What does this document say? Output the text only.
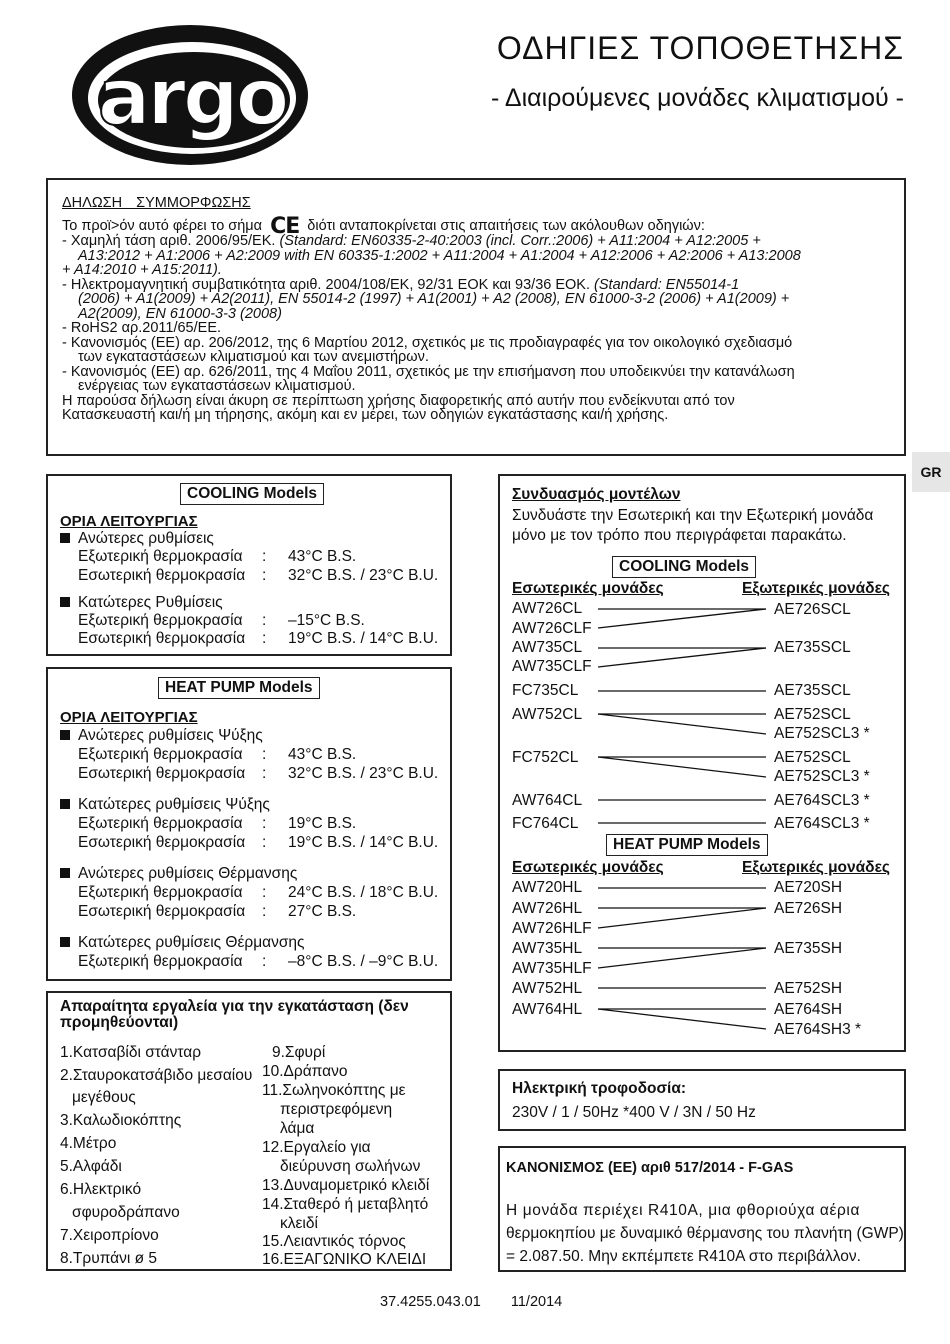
argo
ΟΔΗΓΙΕΣ ΤΟΠΟΘΕΤΗΣΗΣ
- Διαιρούμενες μονάδες κλιματισμού -
ΔΗΛΩΣΗ ΣΥΜΜΟΡΦΩΣΗΣ
Το προϊ>όν αυτό φέρει το σήμα CE διότι ανταποκρίνεται στις απαιτήσεις των ακόλουθων οδηγιών:
- Χαμηλή τάση αριθ. 2006/95/ΕΚ. (Standard: EN60335-2-40:2003 (incl. Corr.:2006) + A11:2004 + A12:2005 +
A13:2012 + A1:2006 + A2:2009 with EN 60335-1:2002 + A11:2004 + A1:2004 + A12:2006 + A2:2006 + A13:2008
+ A14:2010 + A15:2011).
- Ηλεκτρομαγνητική συμβατικότητα αριθ. 2004/108/ΕΚ, 92/31 ΕΟΚ και 93/36 ΕΟΚ. (Standard: EN55014-1
(2006) + A1(2009) + A2(2011), EN 55014-2 (1997) + A1(2001) + A2 (2008), EN 61000-3-2 (2006) + A1(2009) +
A2(2009), EN 61000-3-3 (2008)
- RoHS2 αρ.2011/65/ΕΕ.
- Κανονισμός (ΕΕ) αρ. 206/2012, της 6 Μαρτίου 2012, σχετικός με τις προδιαγραφές για τον οικολογικό σχεδιασμό
των εγκαταστάσεων κλιματισμού και των ανεμιστήρων.
- Κανονισμός (ΕΕ) αρ. 626/2011, της 4 Μαΐου 2011, σχετικός με την επισήμανση που υποδεικνύει την κατανάλωση
ενέργειας των εγκαταστάσεων κλιματισμού.
Η παρούσα δήλωση είναι άκυρη σε περίπτωση χρήσης διαφορετικής από αυτήν που ενδείκνυται από τον
Κατασκευαστή και/ή μη τήρησης, ακόμη και εν μέρει, των οδηγιών εγκατάστασης και/ή χρήσης.
GR
COOLING Models
ΟΡΙΑ ΛΕΙΤΟΥΡΓΙΑΣ
Ανώτερες ρυθμίσεις
Εξωτερική θερμοκρασία : 43°C B.S.
Εσωτερική θερμοκρασία : 32°C B.S. / 23°C B.U.
Κατώτερες Ρυθμίσεις
Εξωτερική θερμοκρασία : –15°C B.S.
Εσωτερική θερμοκρασία : 19°C B.S. / 14°C B.U.
HEAT PUMP Models
ΟΡΙΑ ΛΕΙΤΟΥΡΓΙΑΣ
Ανώτερες ρυθμίσεις Ψύξης
Εξωτερική θερμοκρασία : 43°C B.S.
Εσωτερική θερμοκρασία : 32°C B.S. / 23°C B.U.
Κατώτερες ρυθμίσεις Ψύξης
Εξωτερική θερμοκρασία : 19°C B.S.
Εσωτερική θερμοκρασία : 19°C B.S. / 14°C B.U.
Ανώτερες ρυθμίσεις Θέρμανσης
Εξωτερική θερμοκρασία : 24°C B.S. / 18°C B.U.
Εσωτερική θερμοκρασία : 27°C B.S.
Κατώτερες ρυθμίσεις Θέρμανσης
Εξωτερική θερμοκρασία : –8°C B.S. / –9°C B.U.
Απαραίτητα εργαλεία για την εγκατάσταση (δεν
προμηθεύονται)
1.Κατσαβίδι στάνταρ
2.Σταυροκατσάβιδο μεσαίου
μεγέθους
3.Καλωδιοκόπτης
4.Μέτρο
5.Αλφάδι
6.Ηλεκτρικό
σφυροδράπανο
7.Χειροπρίονο
8.Τρυπάνι ø 5
9.Σφυρί
10.Δράπανο
11.Σωληνοκόπτης με
περιστρεφόμενη
λάμα
12.Εργαλείο για
διεύρυνση σωλήνων
13.Δυναμομετρικό κλειδί
14.Σταθερό ή μεταβλητό
κλειδί
15.Λειαντικός τόρνος
16.ΕΞΑΓΩΝΙΚΟ ΚΛΕΙΔΙ
Συνδυασμός μοντέλων
Συνδυάστε την Εσωτερική και την Εξωτερική μονάδα
μόνο με τον τρόπο που περιγράφεται παρακάτω.
COOLING Models
Εσωτερικές μονάδες	Εξωτερικές μονάδες
AW726CL
AW726CLF
AW735CL
AW735CLF
FC735CL
AW752CL
FC752CL
AW764CL
FC764CL
AE726SCL
AE735SCL
AE735SCL
AE752SCL
AE752SCL3 *
AE752SCL
AE752SCL3 *
AE764SCL3 *
AE764SCL3 *
HEAT PUMP Models
Εσωτερικές μονάδες	Εξωτερικές μονάδες
AW720HL
AW726HL
AW726HLF
AW735HL
AW735HLF
AW752HL
AW764HL
AE720SH
AE726SH
AE735SH
AE752SH
AE764SH
AE764SH3 *
Ηλεκτρική τροφοδοσία:
230V / 1 / 50Hz *400 V / 3N / 50 Hz
ΚΑΝΟΝΙΣΜΟΣ (ΕΕ) αριθ 517/2014 - F-GAS
Η μονάδα περιέχει R410A, μια φθοριούχα αέρια
θερμοκηπίου με δυναμικό θέρμανσης του πλανήτη (GWP)
= 2.087.50. Μην εκπέμπετε R410A στο περιβάλλον.
37.4255.043.01 11/2014
